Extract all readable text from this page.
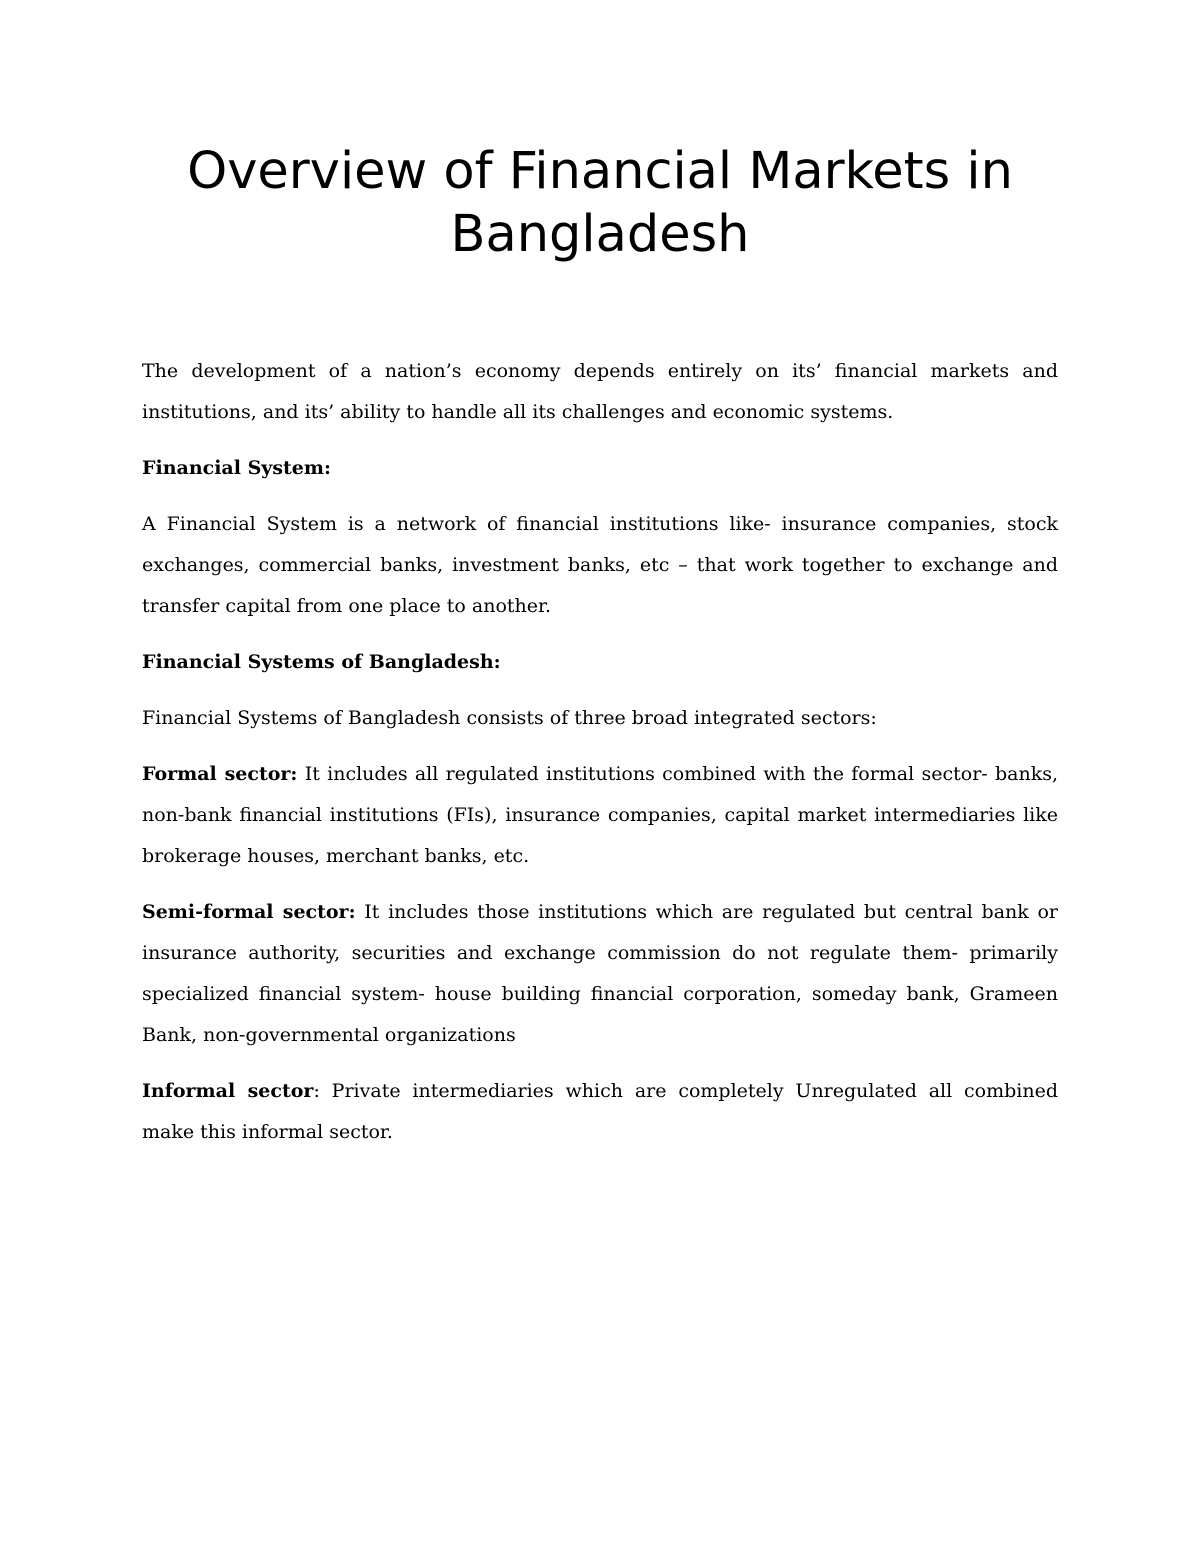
Overview of Financial Markets in Bangladesh

The development of a nation’s economy depends entirely on its’ financial markets and institutions, and its’ ability to handle all its challenges and economic systems.

Financial System:

A Financial System is a network of financial institutions like- insurance companies, stock exchanges, commercial banks, investment banks, etc – that work together to exchange and transfer capital from one place to another.

Financial Systems of Bangladesh:

Financial Systems of Bangladesh consists of three broad integrated sectors:

Formal sector: It includes all regulated institutions combined with the formal sector- banks, non-bank financial institutions (FIs), insurance companies, capital market intermediaries like brokerage houses, merchant banks, etc.

Semi-formal sector: It includes those institutions which are regulated but central bank or insurance authority, securities and exchange commission do not regulate them- primarily specialized financial system- house building financial corporation, someday bank, Grameen Bank, non-governmental organizations

Informal sector: Private intermediaries which are completely Unregulated all combined make this informal sector.
